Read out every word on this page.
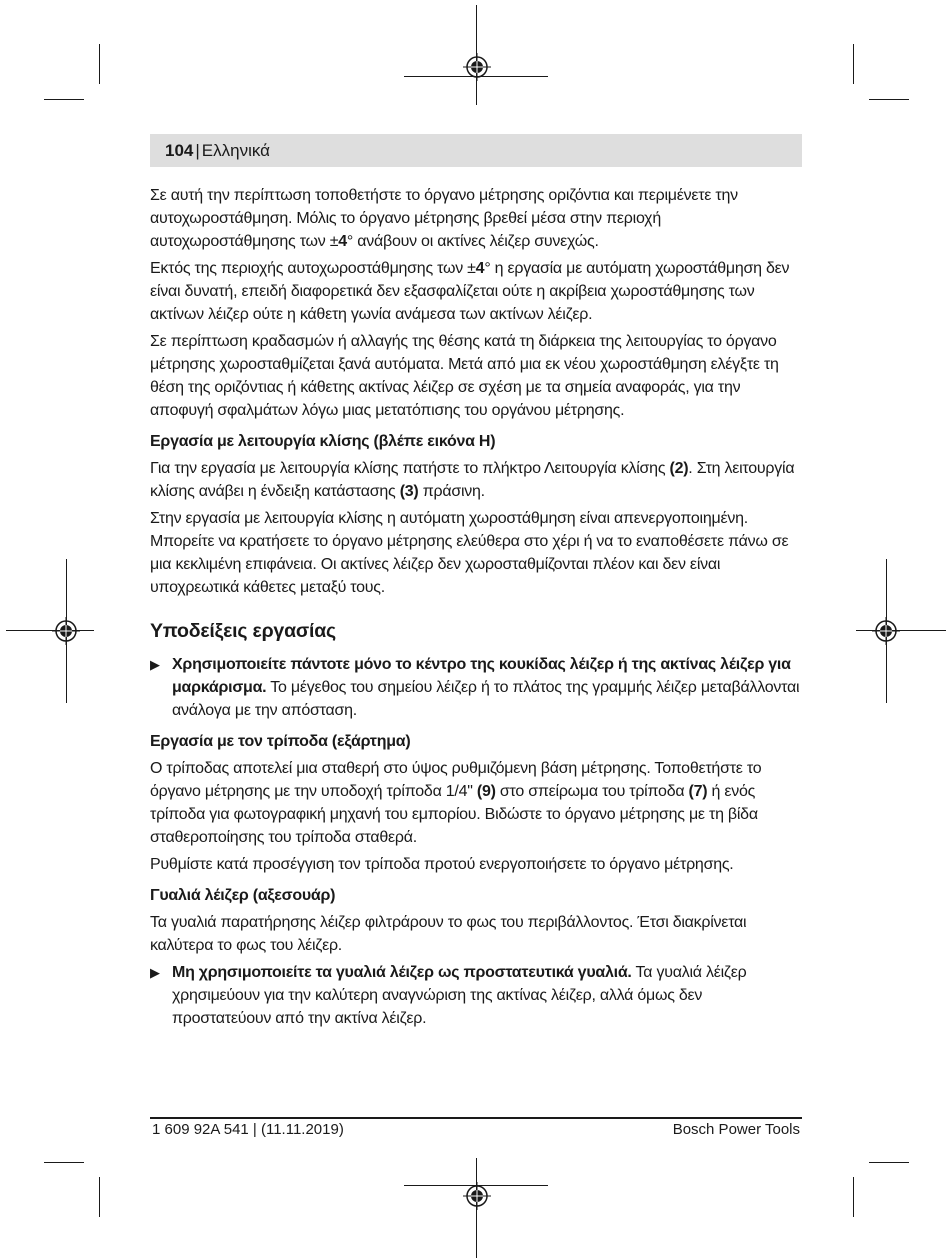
104 | Ελληνικά

Σε αυτή την περίπτωση τοποθετήστε το όργανο μέτρησης οριζόντια και περιμένετε την αυτοχωροστάθμηση. Μόλις το όργανο μέτρησης βρεθεί μέσα στην περιοχή αυτοχωροστάθμησης των ±4° ανάβουν οι ακτίνες λέιζερ συνεχώς.

Εκτός της περιοχής αυτοχωροστάθμησης των ±4° η εργασία με αυτόματη χωροστάθμηση δεν είναι δυνατή, επειδή διαφορετικά δεν εξασφαλίζεται ούτε η ακρίβεια χωροστάθμησης των ακτίνων λέιζερ ούτε η κάθετη γωνία ανάμεσα των ακτίνων λέιζερ.

Σε περίπτωση κραδασμών ή αλλαγής της θέσης κατά τη διάρκεια της λειτουργίας το όργανο μέτρησης χωροσταθμίζεται ξανά αυτόματα. Μετά από μια εκ νέου χωροστάθμηση ελέγξτε τη θέση της οριζόντιας ή κάθετης ακτίνας λέιζερ σε σχέση με τα σημεία αναφοράς, για την αποφυγή σφαλμάτων λόγω μιας μετατόπισης του οργάνου μέτρησης.

Εργασία με λειτουργία κλίσης (βλέπε εικόνα H)

Για την εργασία με λειτουργία κλίσης πατήστε το πλήκτρο Λειτουργία κλίσης (2). Στη λειτουργία κλίσης ανάβει η ένδειξη κατάστασης (3) πράσινη.

Στην εργασία με λειτουργία κλίσης η αυτόματη χωροστάθμηση είναι απενεργοποιημένη. Μπορείτε να κρατήσετε το όργανο μέτρησης ελεύθερα στο χέρι ή να το εναποθέσετε πάνω σε μια κεκλιμένη επιφάνεια. Οι ακτίνες λέιζερ δεν χωροσταθμίζονται πλέον και δεν είναι υποχρεωτικά κάθετες μεταξύ τους.

Υποδείξεις εργασίας
▶ Χρησιμοποιείτε πάντοτε μόνο το κέντρο της κουκίδας λέιζερ ή της ακτίνας λέιζερ για μαρκάρισμα. Το μέγεθος του σημείου λέιζερ ή το πλάτος της γραμμής λέιζερ μεταβάλλονται ανάλογα με την απόσταση.
Εργασία με τον τρίποδα (εξάρτημα)

Ο τρίποδας αποτελεί μια σταθερή στο ύψος ρυθμιζόμενη βάση μέτρησης. Τοποθετήστε το όργανο μέτρησης με την υποδοχή τρίποδα 1/4" (9) στο σπείρωμα του τρίποδα (7) ή ενός τρίποδα για φωτογραφική μηχανή του εμπορίου. Βιδώστε το όργανο μέτρησης με τη βίδα σταθεροποίησης του τρίποδα σταθερά.

Ρυθμίστε κατά προσέγγιση τον τρίποδα προτού ενεργοποιήσετε το όργανο μέτρησης.

Γυαλιά λέιζερ (αξεσουάρ)

Τα γυαλιά παρατήρησης λέιζερ φιλτράρουν το φως του περιβάλλοντος. Έτσι διακρίνεται καλύτερα το φως του λέιζερ.

▶ Μη χρησιμοποιείτε τα γυαλιά λέιζερ ως προστατευτικά γυαλιά. Τα γυαλιά λέιζερ χρησιμεύουν για την καλύτερη αναγνώριση της ακτίνας λέιζερ, αλλά όμως δεν προστατεύουν από την ακτίνα λέιζερ.
1 609 92A 541 | (11.11.2019)	Bosch Power Tools
